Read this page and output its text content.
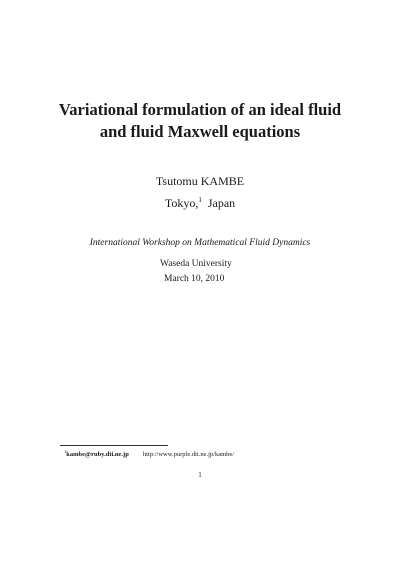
Variational formulation of an ideal fluid
and fluid Maxwell equations
Tsutomu KAMBE
Tokyo,$^1$ Japan
International Workshop on Mathematical Fluid Dynamics
Waseda University
March 10, 2010
$^1$kambe@ruby.dti.ne.jp http://www.purple.dti.ne.jp/kambe/
1
